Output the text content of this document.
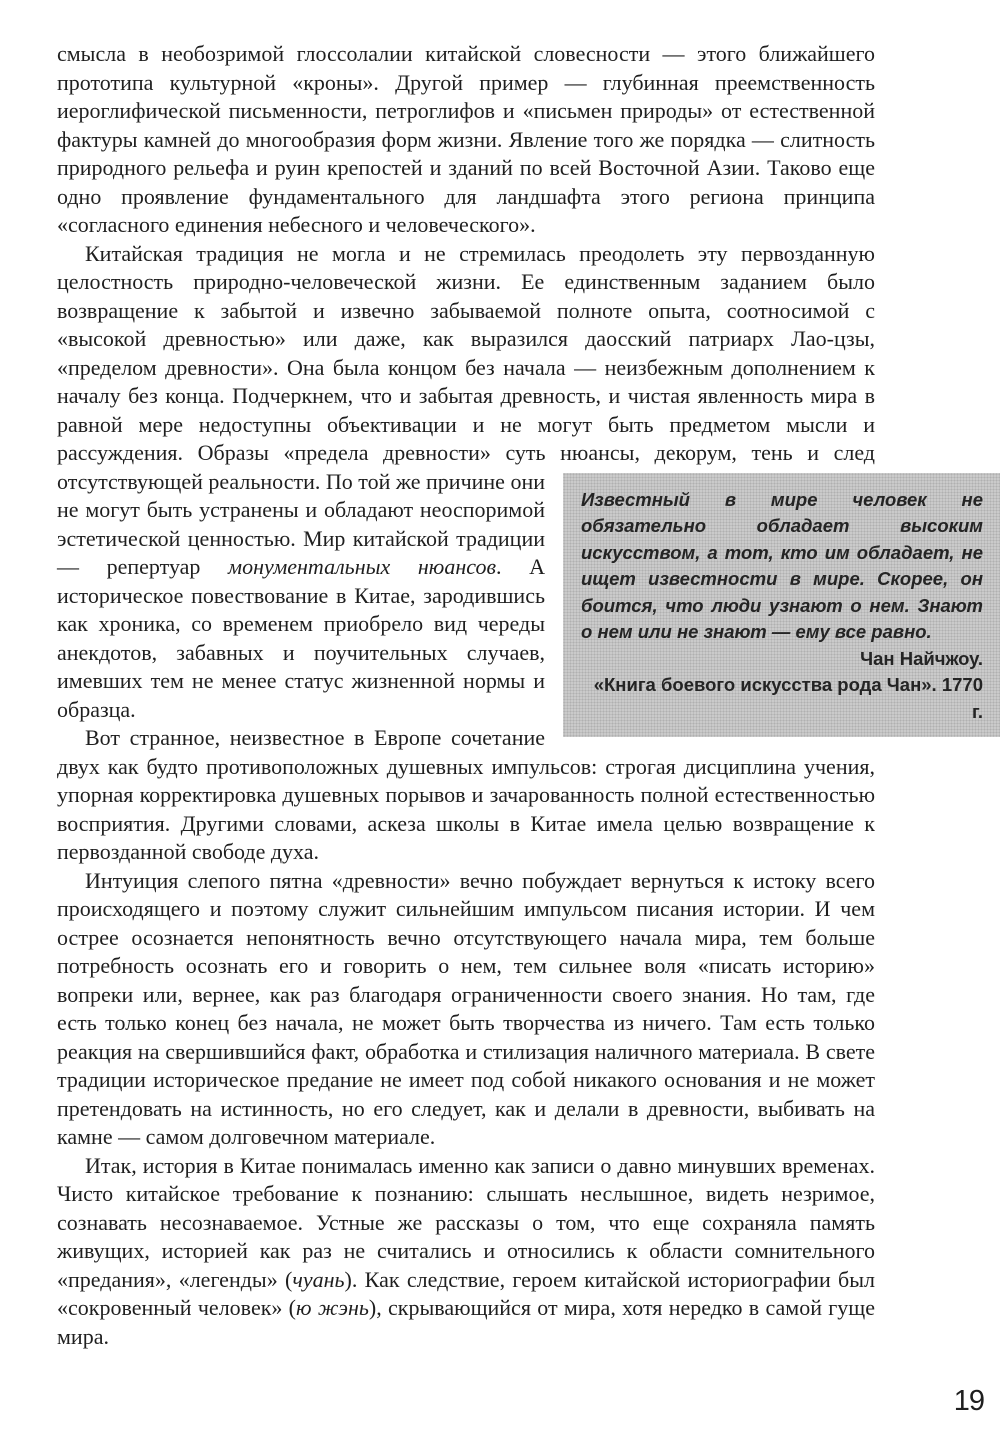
смысла в необозримой глоссолалии китайской словесности — этого ближайшего прототипа культурной «кроны». Другой пример — глубинная преемственность иероглифической письменности, петроглифов и «письмен природы» от естественной фактуры камней до многообразия форм жизни. Явление того же порядка — слитность природного рельефа и руин крепостей и зданий по всей Восточной Азии. Таково еще одно проявление фундаментального для ландшафта этого региона принципа «согласного единения небесного и человеческого».
Китайская традиция не могла и не стремилась преодолеть эту первозданную целостность природно-человеческой жизни. Ее единственным заданием было возвращение к забытой и извечно забываемой полноте опыта, соотносимой с «высокой древностью» или даже, как выразился даосский патриарх Лао-цзы, «пределом древности». Она была концом без начала — неизбежным дополнением к началу без конца. Подчеркнем, что и забытая древность, и чистая явленность мира в равной мере недоступны объективации и не могут быть предметом мысли и рассуждения. Образы «предела древности» суть нюансы, декорум, тень и след
Известный в мире человек не обязательно обладает высоким искусством, а тот, кто им обладает, не ищет известности в мире. Скорее, он боится, что люди узнают о нем. Знают о нем или не знают — ему все равно.
Чан Найчжоу.
«Книга боевого искусства рода Чан». 1770 г.
отсутствующей реальности. По той же причине они не могут быть устранены и обладают неоспоримой эстетической ценностью. Мир китайской традиции — репертуар монументальных нюансов. А историческое повествование в Китае, зародившись как хроника, со временем приобрело вид череды анекдотов, забавных и поучительных случаев, имевших тем не менее статус жизненной нормы и образца.
Вот странное, неизвестное в Европе сочетание двух как будто противоположных душевных импульсов: строгая дисциплина учения, упорная корректировка душевных порывов и зачарованность полной естественностью восприятия. Другими словами, аскеза школы в Китае имела целью возвращение к первозданной свободе духа.
Интуиция слепого пятна «древности» вечно побуждает вернуться к истоку всего происходящего и поэтому служит сильнейшим импульсом писания истории. И чем острее осознается непонятность вечно отсутствующего начала мира, тем больше потребность осознать его и говорить о нем, тем сильнее воля «писать историю» вопреки или, вернее, как раз благодаря ограниченности своего знания. Но там, где есть только конец без начала, не может быть творчества из ничего. Там есть только реакция на свершившийся факт, обработка и стилизация наличного материала. В свете традиции историческое предание не имеет под собой никакого основания и не может претендовать на истинность, но его следует, как и делали в древности, выбивать на камне — самом долговечном материале.
Итак, история в Китае понималась именно как записи о давно минувших временах. Чисто китайское требование к познанию: слышать неслышное, видеть незримое, сознавать несознаваемое. Устные же рассказы о том, что еще сохраняла память живущих, историей как раз не считались и относились к области сомнительного «предания», «легенды» (чуань). Как следствие, героем китайской историографии был «сокровенный человек» (ю жэнь), скрывающийся от мира, хотя нередко в самой гуще мира.
19
